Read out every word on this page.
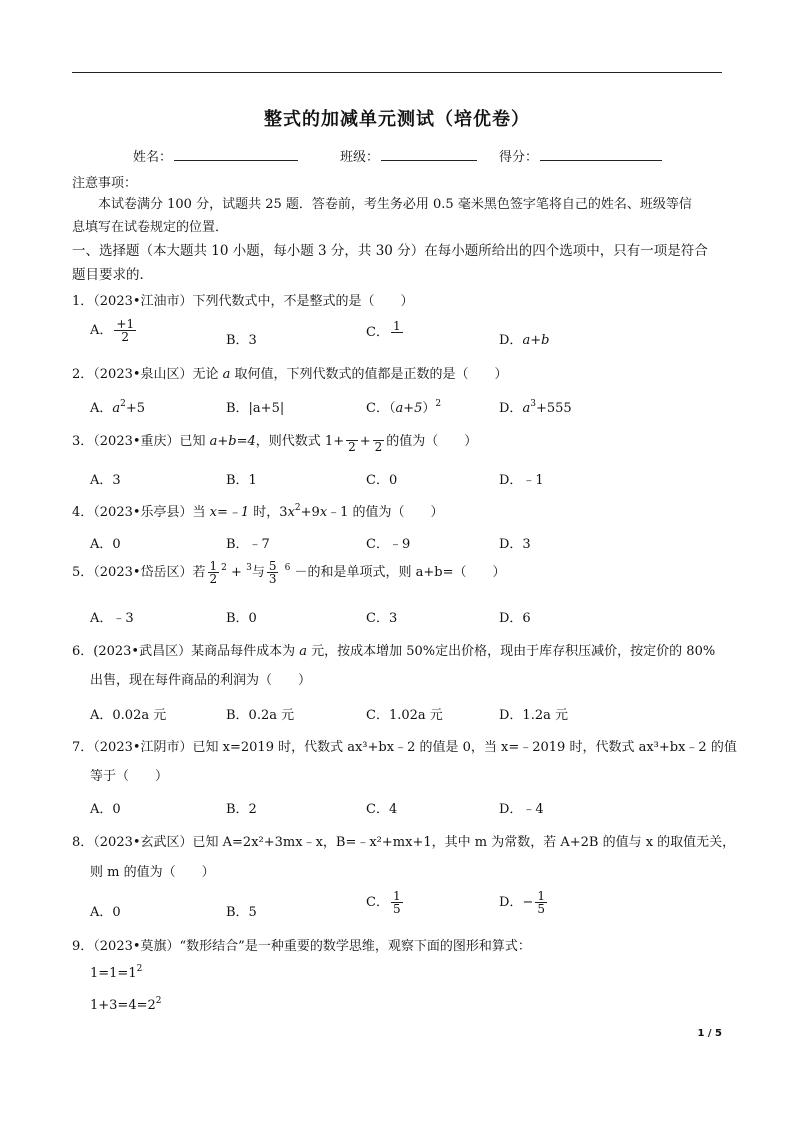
整式的加减单元测试（培优卷）
姓名：	班级：	得分：
注意事项：
本试卷满分 100 分，试题共 25 题．答卷前，考生务必用 0.5 毫米黑色签字笔将自己的姓名、班级等信
息填写在试卷规定的位置．
一、选择题（本大题共 10 小题，每小题 3 分，共 30 分）在每小题所给出的四个选项中，只有一项是符合
题目要求的．
1．（2023•江油市）下列代数式中，不是整式的是（　　）
A． $\frac{+1}{2}$	B．3
C． 1

D．a+b
2．（2023•泉山区）无论 a 取何值，下列代数式的值都是正数的是（　　）
A．$a^2+5$	B．|a+5|	C．$(a+5)^2$	D．$a^3+555$
3．（2023•重庆）已知 a+b=4，则代数式 1+ 2 + 2 的值为（　　）
A．3	B．1	C．0	D．﹣1
4．（2023•乐亭县）当 x=﹣1 时，$3x^2+9x﹣1$ 的值为（　　）
A．0	B．﹣7	C．﹣9	D．3
5．（2023•岱岳区）若 $\frac{1}{2} ^2 + ^3$与 $\frac{5}{3} ^6$ －的和是单项式，则 a+b=（　　）
A．﹣3	B．0	C．3	D．6
6．(2023•武昌区）某商品每件成本为 a 元，按成本增加 50%定出价格，现由于库存积压减价，按定价的 80%
出售，现在每件商品的利润为（　　）
A．0.02a 元	B．0.2a 元	C．1.02a 元	D．1.2a 元
7．（2023•江阴市）已知 x=2019 时，代数式 ax³+bx﹣2 的值是 0，当 x=﹣2019 时，代数式 ax³+bx﹣2 的值
等于（　　）
A．0	B．2	C．4	D．﹣4
8．（2023•玄武区）已知 A=2x²+3mx﹣x，B=﹣x²+mx+1，其中 m 为常数，若 A+2B 的值与 x 的取值无关，
则 m 的值为（　　）
A．0	B．5
C． $\frac{1}{5}$	D．− $\frac{1}{5}$
9．（2023•莫旗）“数形结合”是一种重要的数学思维，观察下面的图形和算式：
$1=1=1^2$
$1+3=4=2^2$
1 / 5
